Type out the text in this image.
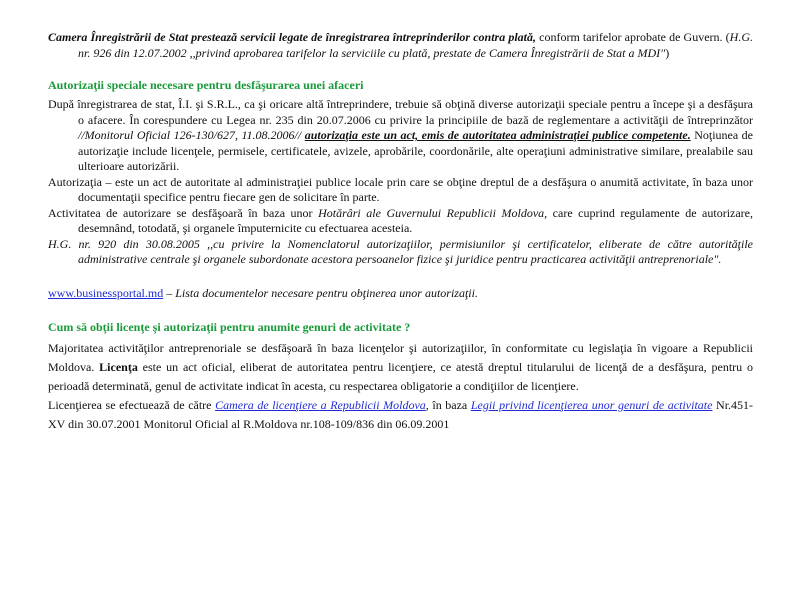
Camera Înregistrării de Stat prestează servicii legate de înregistrarea întreprinderilor contra plată, conform tarifelor aprobate de Guvern. (H.G. nr. 926 din 12.07.2002 ,,privind aprobarea tarifelor la serviciile cu plată, prestate de Camera Înregistrării de Stat a MDI")

Autorizaţii speciale necesare pentru desfăşurarea unei afaceri

După înregistrarea de stat, Î.I. şi S.R.L., ca şi oricare altă întreprindere, trebuie să obţină diverse autorizaţii speciale pentru a începe şi a desfăşura o afacere. În corespundere cu Legea nr. 235 din 20.07.2006 cu privire la principiile de bază de reglementare a activităţii de întreprinzător //Monitorul Oficial 126-130/627, 11.08.2006// autorizaţia este un act, emis de autoritatea administraţiei publice competente. Noţiunea de autorizaţie include licenţele, permisele, certificatele, avizele, aprobările, coordonările, alte operaţiuni administrative similare, prealabile sau ulterioare autorizării.

Autorizaţia – este un act de autoritate al administraţiei publice locale prin care se obţine dreptul de a desfăşura o anumită activitate, în baza unor documentaţii specifice pentru fiecare gen de solicitare în parte.

Activitatea de autorizare se desfăşoară în baza unor Hotărâri ale Guvernului Republicii Moldova, care cuprind regulamente de autorizare, desemnând, totodată, şi organele împuternicite cu efectuarea acesteia.

H.G. nr. 920 din 30.08.2005 ,,cu privire la Nomenclatorul autorizaţiilor, permisiunilor şi certificatelor, eliberate de către autorităţile administrative centrale şi organele subordonate acestora persoanelor fizice şi juridice pentru practicarea activităţii antreprenoriale".

www.businessportal.md – Lista documentelor necesare pentru obţinerea unor autorizaţii.

Cum să obţii licenţe şi autorizaţii pentru anumite genuri de activitate ?

Majoritatea activităţilor antreprenoriale se desfăşoară în baza licenţelor şi autorizaţiilor, în conformitate cu legislaţia în vigoare a Republicii Moldova. Licenţa este un act oficial, eliberat de autoritatea pentru licenţiere, ce atestă dreptul titularului de licenţă de a desfăşura, pentru o perioadă determinată, genul de activitate indicat în acesta, cu respectarea obligatorie a condiţiilor de licenţiere.

Licenţierea se efectuează de către Camera de licenţiere a Republicii Moldova, în baza Legii privind licenţierea unor genuri de activitate Nr.451-XV din 30.07.2001 Monitorul Oficial al R.Moldova nr.108-109/836 din 06.09.2001
